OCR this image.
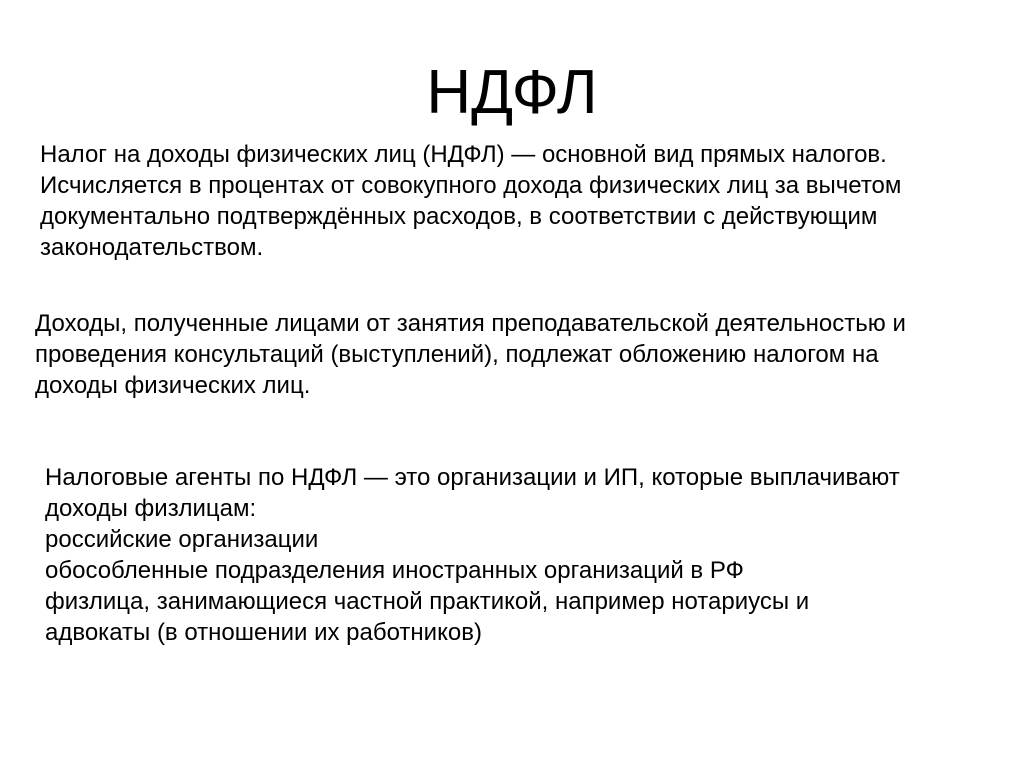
НДФЛ
Налог на доходы физических лиц (НДФЛ) — основной вид прямых налогов.
Исчисляется в процентах от совокупного дохода физических лиц за вычетом
документально подтверждённых расходов, в соответствии с действующим
законодательством.
Доходы, полученные лицами от занятия преподавательской деятельностью и
проведения консультаций (выступлений), подлежат обложению налогом на
доходы физических лиц.
Налоговые агенты по НДФЛ — это организации и ИП, которые выплачивают
доходы физлицам:
российские организации
обособленные подразделения иностранных организаций в РФ
физлица, занимающиеся частной практикой, например нотариусы и
адвокаты (в отношении их работников)
